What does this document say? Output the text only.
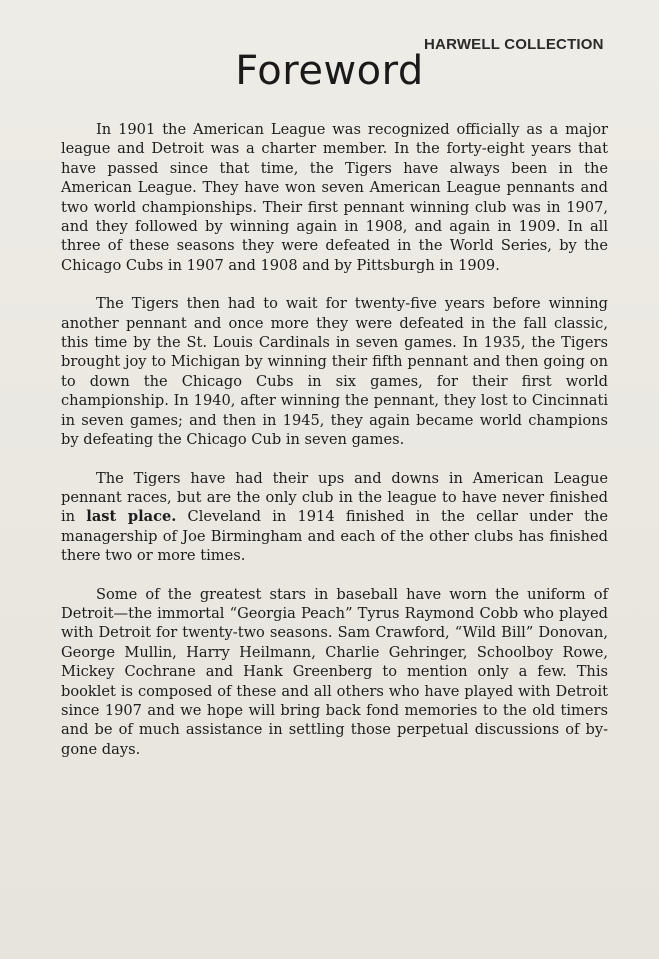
HARWELL COLLECTION
Foreword

In 1901 the American League was recognized officially as a major league and Detroit was a charter member. In the forty-eight years that have passed since that time, the Tigers have always been in the American League. They have won seven American League pennants and two world championships. Their first pennant winning club was in 1907, and they followed by winning again in 1908, and again in 1909. In all three of these seasons they were defeated in the World Series, by the Chicago Cubs in 1907 and 1908 and by Pittsburgh in 1909.

The Tigers then had to wait for twenty-five years before winning another pennant and once more they were defeated in the fall classic, this time by the St. Louis Cardinals in seven games. In 1935, the Tigers brought joy to Michigan by winning their fifth pennant and then going on to down the Chicago Cubs in six games, for their first world championship. In 1940, after winning the pennant, they lost to Cincinnati in seven games; and then in 1945, they again became world champions by defeating the Chicago Cub in seven games.

The Tigers have had their ups and downs in American League pennant races, but are the only club in the league to have never finished in last place. Cleveland in 1914 finished in the cellar under the managership of Joe Birmingham and each of the other clubs has finished there two or more times.

Some of the greatest stars in baseball have worn the uniform of Detroit—the immortal “Georgia Peach” Tyrus Raymond Cobb who played with Detroit for twenty-two seasons. Sam Crawford, “Wild Bill” Donovan, George Mullin, Harry Heilmann, Charlie Gehringer, Schoolboy Rowe, Mickey Cochrane and Hank Greenberg to mention only a few. This booklet is composed of these and all others who have played with Detroit since 1907 and we hope will bring back fond memories to the old timers and be of much assistance in settling those perpetual discussions of by-gone days.
